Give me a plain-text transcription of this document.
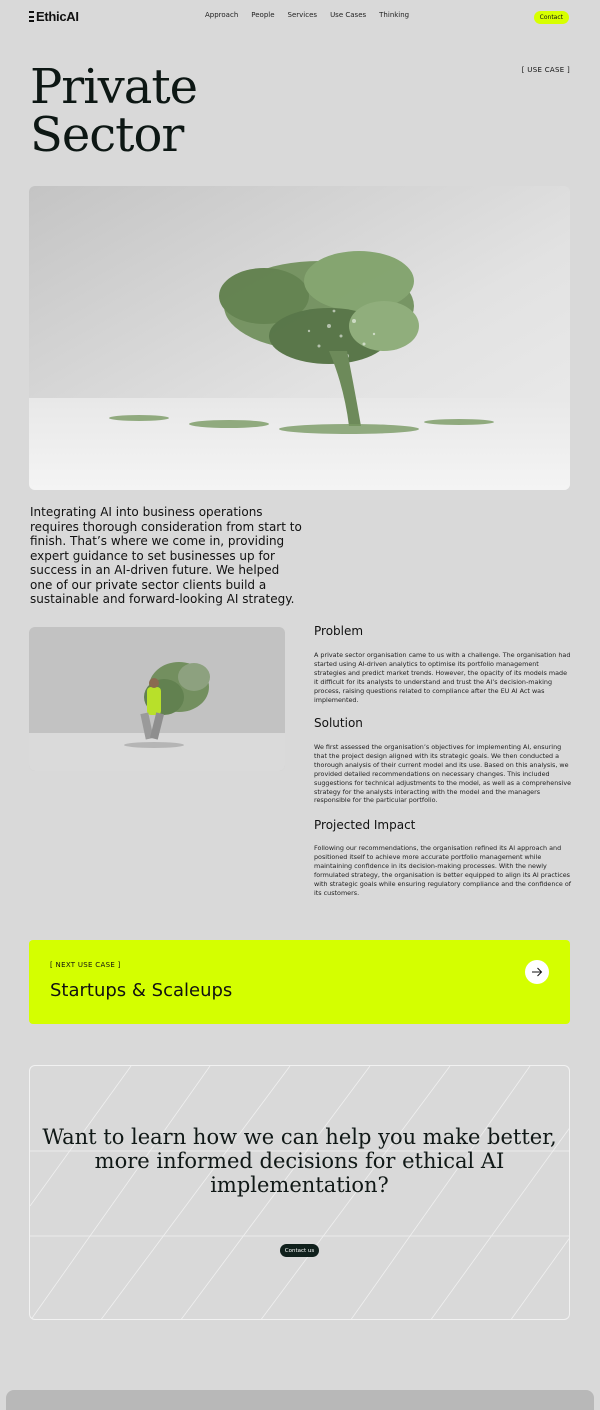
EthicAI	Approach People Services Use Cases Thinking	Contact
Private
Sector
[ USE CASE ]

Integrating AI into business operations requires thorough consideration from start to finish. That’s where we come in, providing expert guidance to set businesses up for success in an AI-driven future. We helped one of our private sector clients build a sustainable and forward-looking AI strategy.

Problem

A private sector organisation came to us with a challenge. The organisation had started using AI-driven analytics to optimise its portfolio management strategies and predict market trends. However, the opacity of its models made it difficult for its analysts to understand and trust the AI’s decision-making process, raising questions related to compliance after the EU AI Act was implemented.

Solution

We first assessed the organisation’s objectives for implementing AI, ensuring that the project design aligned with its strategic goals. We then conducted a thorough analysis of their current model and its use. Based on this analysis, we provided detailed recommendations on necessary changes. This included suggestions for technical adjustments to the model, as well as a comprehensive strategy for the analysts interacting with the model and the managers responsible for the particular portfolio.

Projected Impact

Following our recommendations, the organisation refined its AI approach and positioned itself to achieve more accurate portfolio management while maintaining confidence in its decision-making processes. With the newly formulated strategy, the organisation is better equipped to align its AI practices with strategic goals while ensuring regulatory compliance and the confidence of its customers.

[ NEXT USE CASE ]
Startups & Scaleups
Want to learn how we can help you make better, more informed decisions for ethical AI implementation?
Contact us
